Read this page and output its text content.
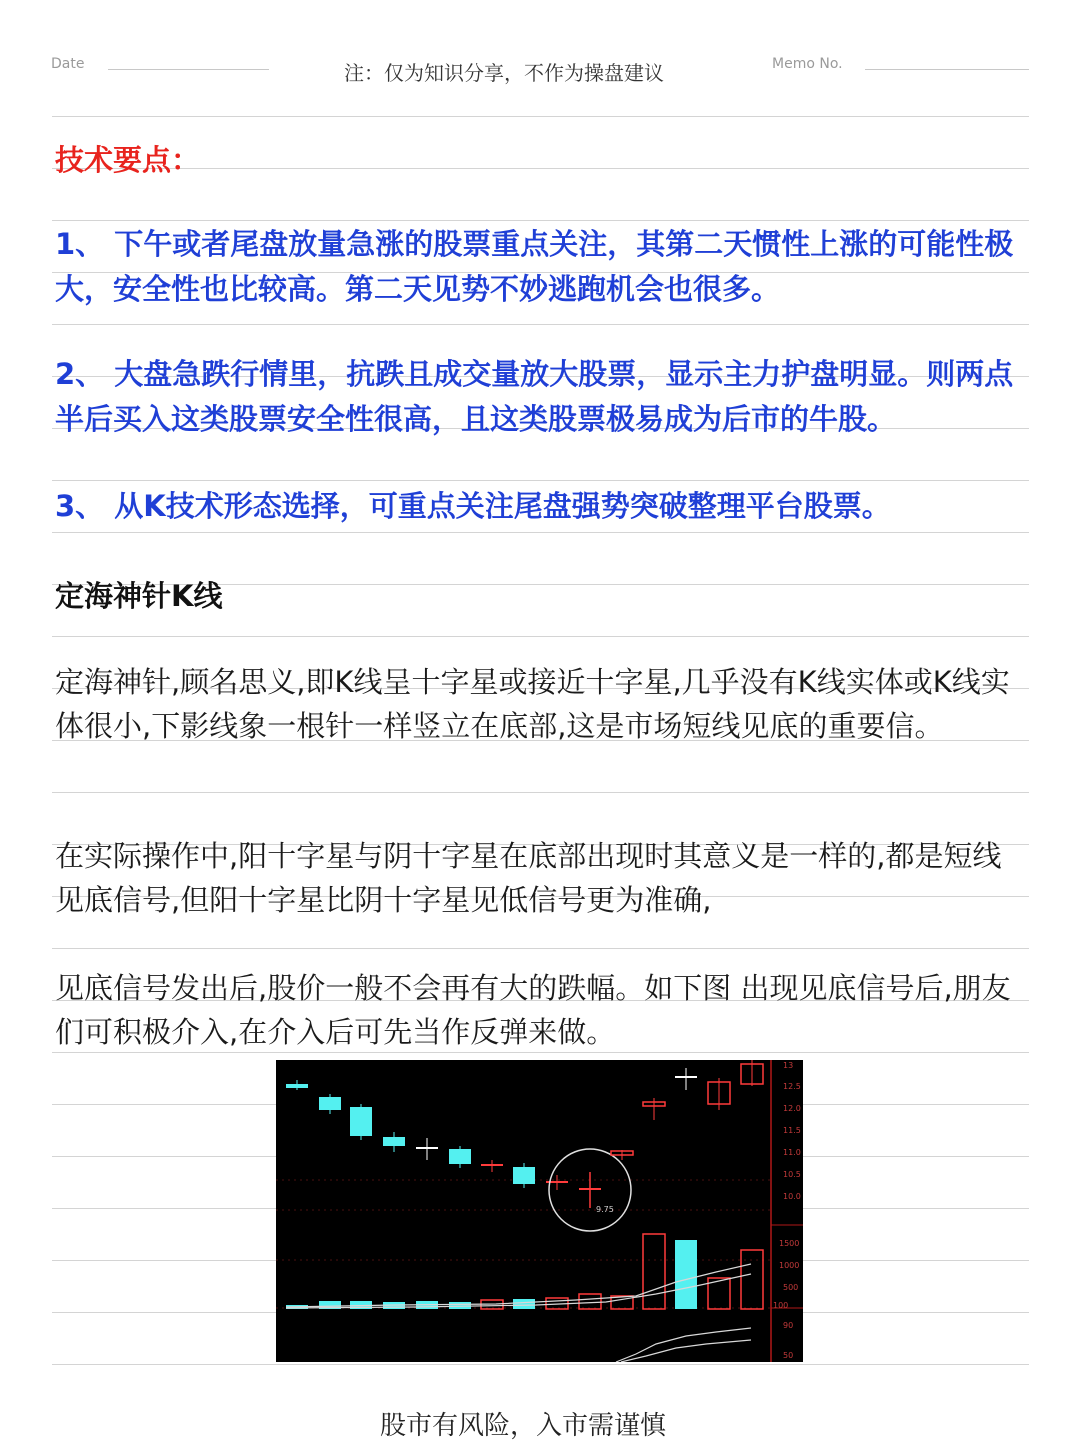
Date	注：仅为知识分享，不作为操盘建议	Memo No.
技术要点：
1、 下午或者尾盘放量急涨的股票重点关注，其第二天惯性上涨的可能性极大，安全性也比较高。第二天见势不妙逃跑机会也很多。
2、 大盘急跌行情里，抗跌且成交量放大股票，显示主力护盘明显。则两点半后买入这类股票安全性很高，且这类股票极易成为后市的牛股。
3、 从K技术形态选择，可重点关注尾盘强势突破整理平台股票。
定海神针K线
定海神针,顾名思义,即K线呈十字星或接近十字星,几乎没有K线实体或K线实体很小,下影线象一根针一样竖立在底部,这是市场短线见底的重要信。
在实际操作中,阳十字星与阴十字星在底部出现时其意义是一样的,都是短线见底信号,但阳十字星比阴十字星见低信号更为准确,
见底信号发出后,股价一般不会再有大的跌幅。如下图 出现见底信号后,朋友们可积极介入,在介入后可先当作反弹来做。
13
12.5
12.0
11.5
11.0
10.5
10.0
1500
1000
500
100
90
50
9.75
股市有风险，入市需谨慎
